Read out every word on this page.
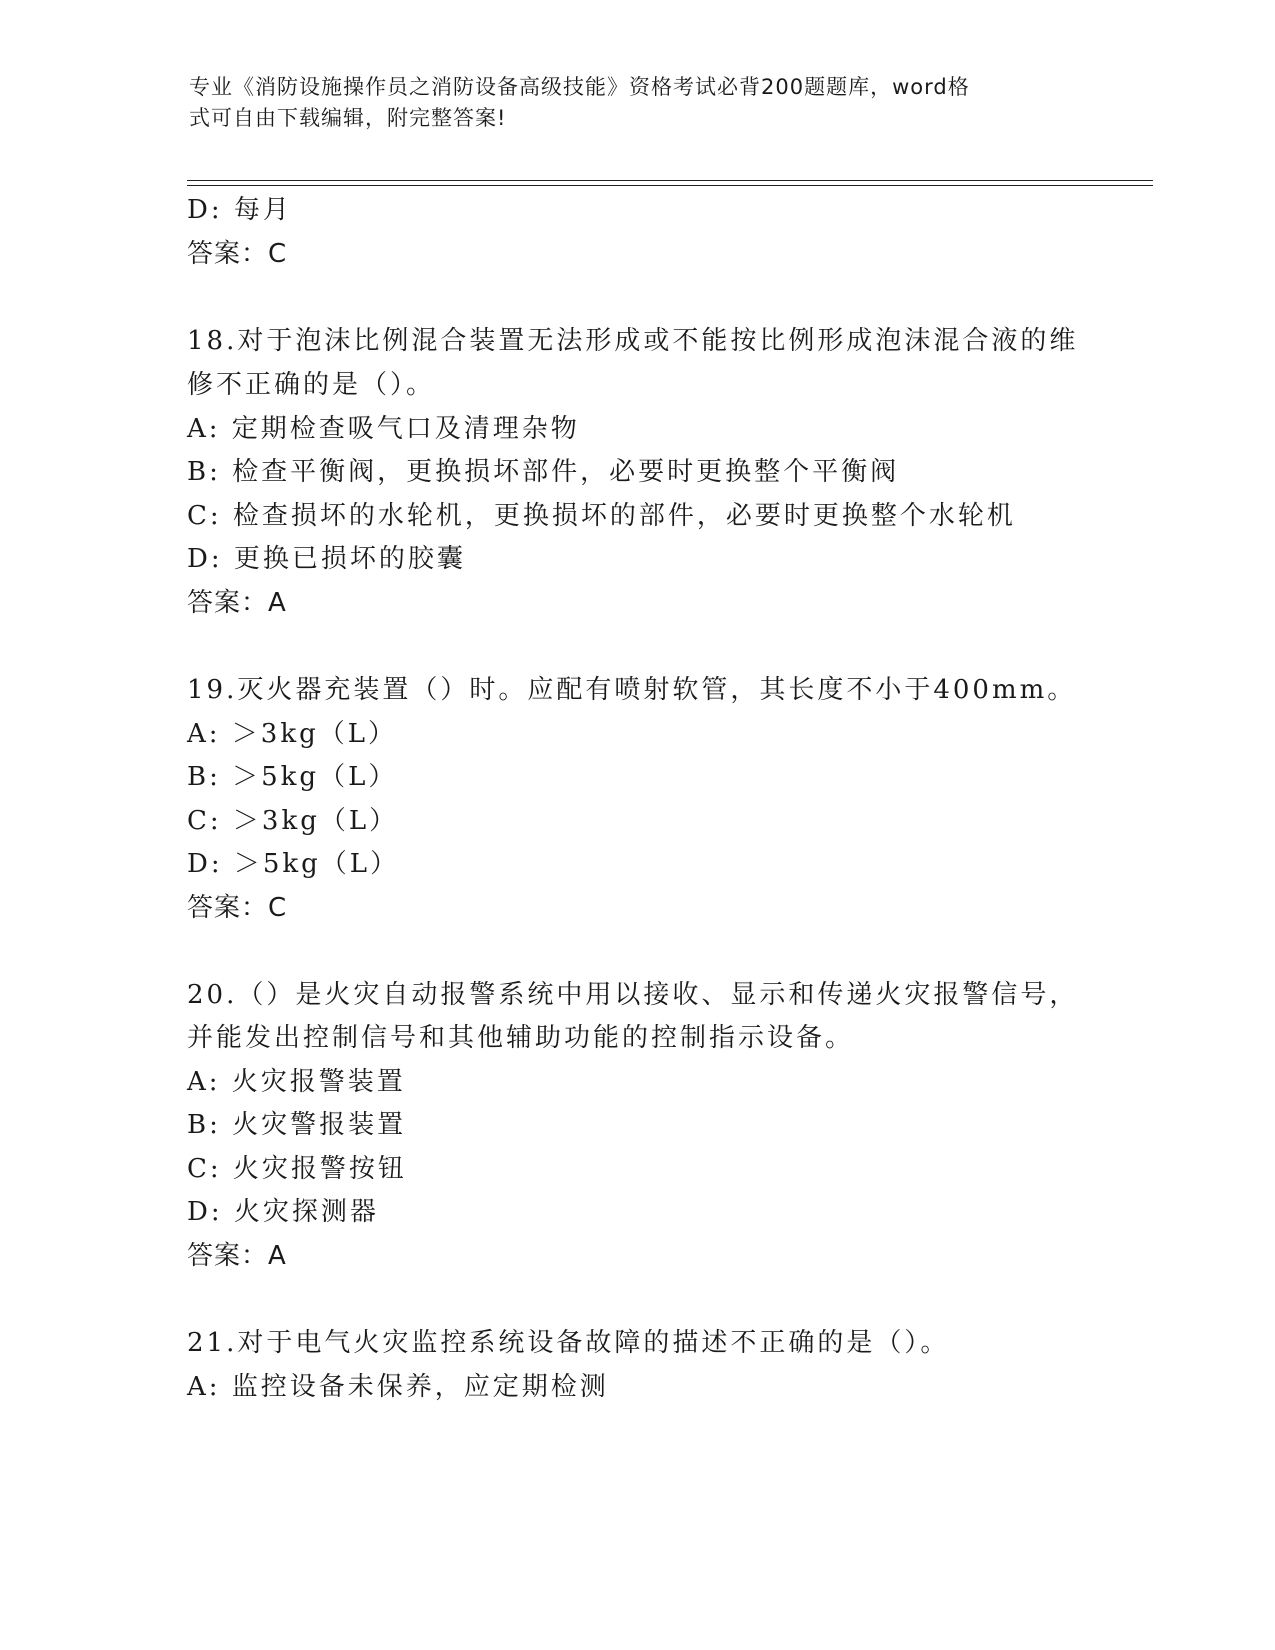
专业《消防设施操作员之消防设备高级技能》资格考试必背200题题库，word格
式可自由下载编辑，附完整答案!
D: 每月
答案：C
18.对于泡沫比例混合装置无法形成或不能按比例形成泡沫混合液的维
修不正确的是（）。
A: 定期检查吸气口及清理杂物
B: 检查平衡阀，更换损坏部件，必要时更换整个平衡阀
C: 检查损坏的水轮机，更换损坏的部件，必要时更换整个水轮机
D: 更换已损坏的胶囊
答案：A
19.灭火器充装置（）时。应配有喷射软管，其长度不小于400mm。
A: ＞3kg（L）
B: ＞5kg（L）
C: ＞3kg（L）
D: ＞5kg（L）
答案：C
20.（）是火灾自动报警系统中用以接收、显示和传递火灾报警信号，
并能发出控制信号和其他辅助功能的控制指示设备。
A: 火灾报警装置
B: 火灾警报装置
C: 火灾报警按钮
D: 火灾探测器
答案：A
21.对于电气火灾监控系统设备故障的描述不正确的是（）。
A: 监控设备未保养，应定期检测
